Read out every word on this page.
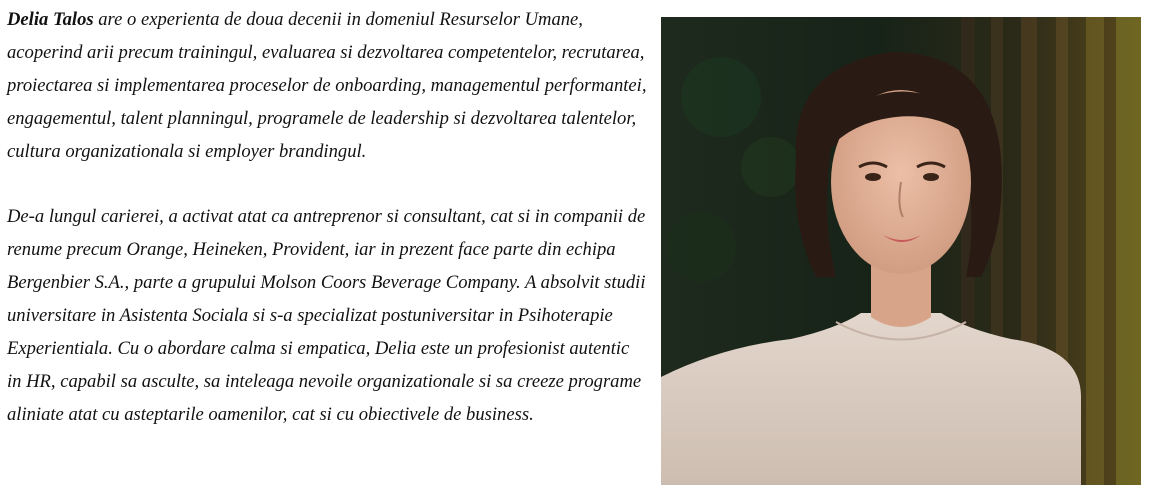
Delia Talos are o experienta de doua decenii in domeniul Resurselor Umane, acoperind arii precum trainingul, evaluarea si dezvoltarea competentelor, recrutarea, proiectarea si implementarea proceselor de onboarding, managementul performantei, engagementul, talent planningul, programele de leadership si dezvoltarea talentelor, cultura organizationala si employer brandingul.

De-a lungul carierei, a activat atat ca antreprenor si consultant, cat si in companii de renume precum Orange, Heineken, Provident, iar in prezent face parte din echipa Bergenbier S.A., parte a grupului Molson Coors Beverage Company. A absolvit studii universitare in Asistenta Sociala si s-a specializat postuniversitar in Psihoterapie Experientiala. Cu o abordare calma si empatica, Delia este un profesionist autentic in HR, capabil sa asculte, sa inteleaga nevoile organizationale si sa creeze programe aliniate atat cu asteptarile oamenilor, cat si cu obiectivele de business.
